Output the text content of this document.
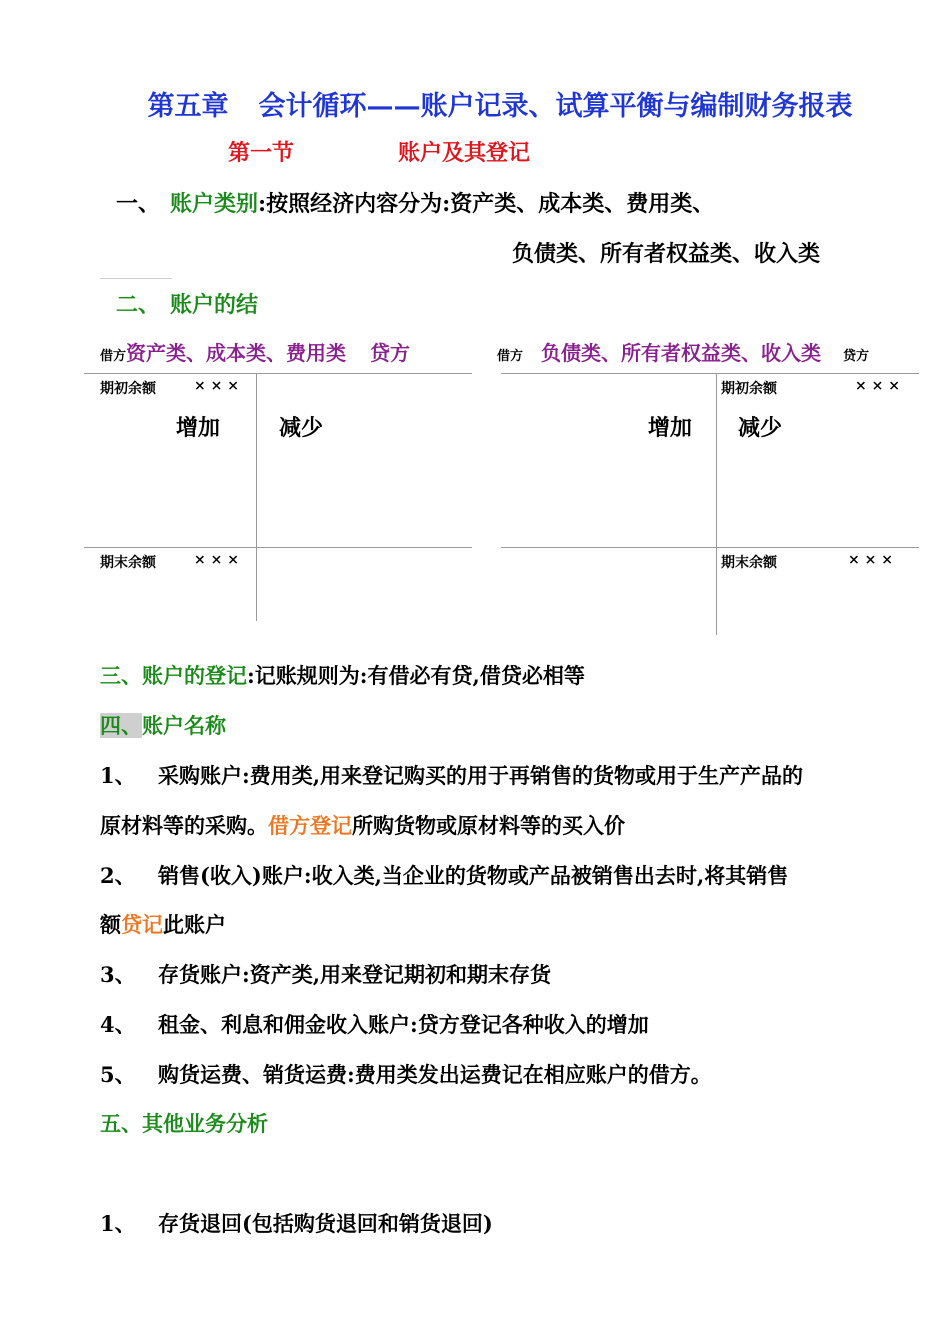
第五章 会计循环——账户记录、试算平衡与编制财务报表
第一节	账户及其登记
一、 账户类别:按照经济内容分为:资产类、成本类、费用类、
负债类、所有者权益类、收入类
二、 账户的结
借方资产类、成本类、费用类 贷方
期初余额	× × ×
增加	减少
期末余额	× × ×
借方 负债类、所有者权益类、收入类 贷方
期初余额	× × ×
增加 减少
期末余额	× × ×
三、账户的登记:记账规则为:有借必有贷,借贷必相等
四、账户名称
1、 采购账户:费用类,用来登记购买的用于再销售的货物或用于生产产品的
原材料等的采购。借方登记所购货物或原材料等的买入价
2、 销售(收入)账户:收入类,当企业的货物或产品被销售出去时,将其销售
额贷记此账户
3、 存货账户:资产类,用来登记期初和期末存货
4、 租金、利息和佣金收入账户:贷方登记各种收入的增加
5、 购货运费、销货运费:费用类发出运费记在相应账户的借方。
五、其他业务分析
1、 存货退回(包括购货退回和销货退回)
